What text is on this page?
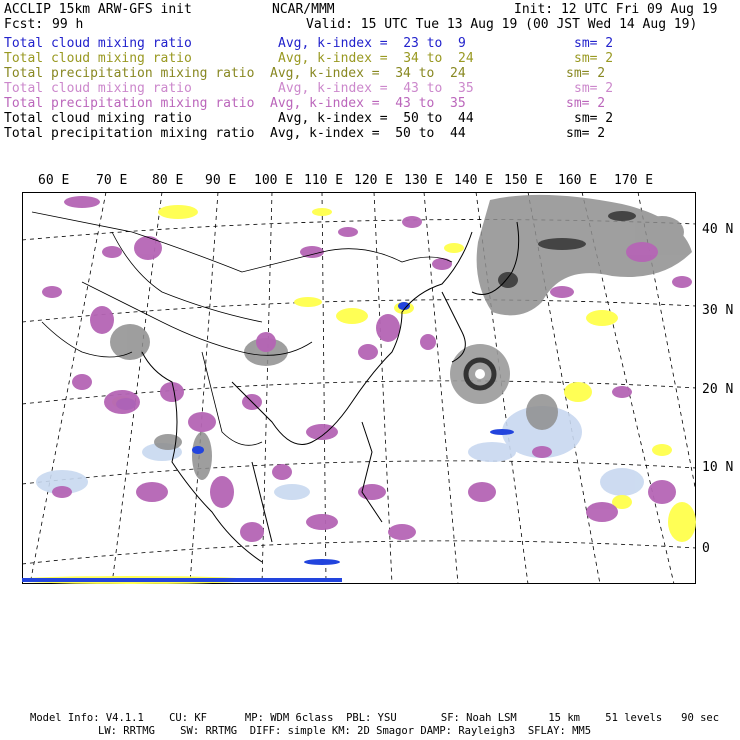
ACCLIP 15km ARW-GFS init	NCAR/MMM	Init: 12 UTC Fri 09 Aug 19
Fcst: 99 h	Valid: 15 UTC Tue 13 Aug 19 (00 JST Wed 14 Aug 19)
Total cloud mixing ratio	Avg, k-index =  23 to  9	sm= 2
Total cloud mixing ratio	Avg, k-index =  34 to  24	sm= 2
Total precipitation mixing ratio Avg, k-index =  34 to  24	sm= 2
Total cloud mixing ratio	Avg, k-index =  43 to  35	sm= 2
Total precipitation mixing ratio Avg, k-index =  43 to  35	sm= 2
Total cloud mixing ratio	Avg, k-index =  50 to  44	sm= 2
Total precipitation mixing ratio Avg, k-index =  50 to  44	sm= 2
60 E 70 E 80 E 90 E 100 E 110 E 120 E 130 E 140 E 150 E 160 E 170 E
40 N
30 N
20 N
10 N
0
Model Info: V4.1.1    CU: KF      MP: WDM 6class  PBL: YSU       SF: Noah LSM     15 km    51 levels   90 sec
LW: RRTMG    SW: RRTMG  DIFF: simple KM: 2D Smagor DAMP: Rayleigh3  SFLAY: MM5
